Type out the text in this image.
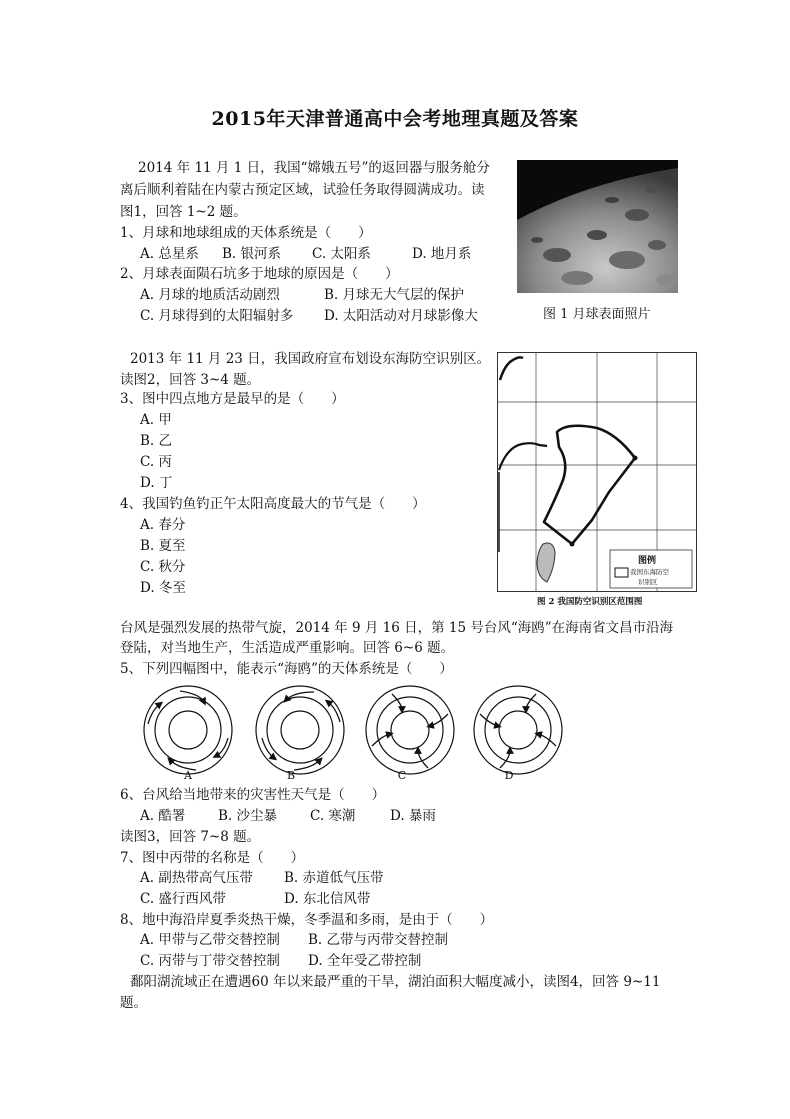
2015年天津普通高中会考地理真题及答案
2014 年 11 月 1 日，我国“嫦娥五号”的返回器与服务舱分
离后顺利着陆在内蒙古预定区域，试验任务取得圆满成功。读
图1，回答 1~2 题。
1、月球和地球组成的天体系统是（　　）
A. 总星系 B. 银河系 C. 太阳系	D. 地月系
2、月球表面陨石坑多于地球的原因是（　　）
A. 月球的地质活动剧烈	B. 月球无大气层的保护
C. 月球得到的太阳辐射多 D. 太阳活动对月球影像大	图 1 月球表面照片
2013 年 11 月 23 日，我国政府宣布划设东海防空识别区。
读图2，回答 3~4 题。
3、图中四点地方是最早的是（　　）
A. 甲
B. 乙
C. 丙
D. 丁
4、我国钓鱼钓正午太阳高度最大的节气是（　　）
A. 春分
B. 夏至
C. 秋分
D. 冬至
图例
我国东海防空
识别区
图 2 我国防空识别区范围图
台风是强烈发展的热带气旋，2014 年 9 月 16 日，第 15 号台风“海鸥”在海南省文昌市沿海
登陆，对当地生产，生活造成严重影响。回答 6~6 题。
5、下列四幅图中，能表示“海鸥”的天体系统是（　　）
A	B	C	D
6、台风给当地带来的灾害性天气是（　　）
A. 酷署 B. 沙尘暴 C. 寒潮	D. 暴雨
读图3，回答 7~8 题。
7、图中丙带的名称是（　　）
A. 副热带高气压带 B. 赤道低气压带
C. 盛行西风带	D. 东北信风带
8、地中海沿岸夏季炎热干燥，冬季温和多雨，是由于（　　）
A. 甲带与乙带交替控制 B. 乙带与丙带交替控制
C. 丙带与丁带交替控制 D. 全年受乙带控制
鄱阳湖流域正在遭遇60 年以来最严重的干旱，湖泊面积大幅度减小，读图4，回答 9~11
题。
